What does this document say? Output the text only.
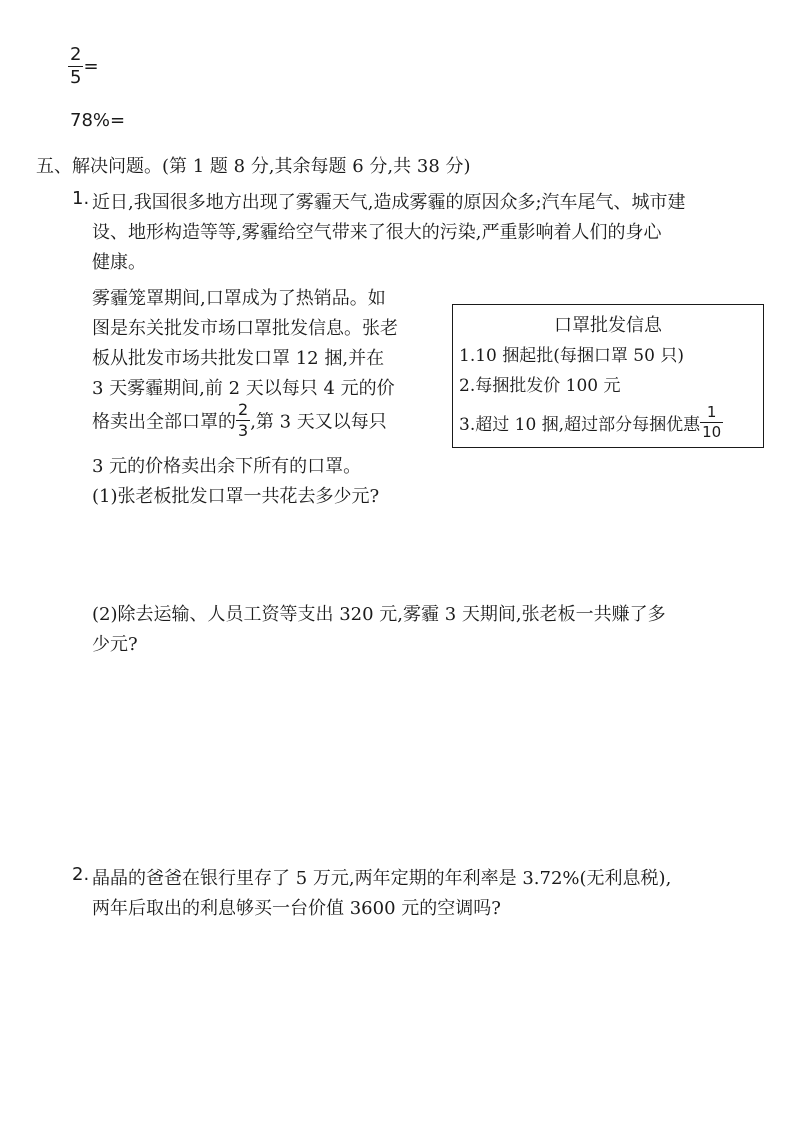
$\frac{2}{5}$ =
78%=
五、解决问题。(第 1 题 8 分,其余每题 6 分,共 38 分)
1. 近日,我国很多地方出现了雾霾天气,造成雾霾的原因众多;汽车尾气、城市建
设、地形构造等等,雾霾给空气带来了很大的污染,严重影响着人们的身心
健康。
雾霾笼罩期间,口罩成为了热销品。如
图是东关批发市场口罩批发信息。张老
板从批发市场共批发口罩 12 捆,并在
3 天雾霾期间,前 2 天以每只 4 元的价
格卖出全部口罩的 $\frac{2}{3}$ ,第 3 天又以每只
3 元的价格卖出余下所有的口罩。
(1)张老板批发口罩一共花去多少元?
口罩批发信息
1.10 捆起批(每捆口罩 50 只)
2.每捆批发价 100 元
3.超过 10 捆,超过部分每捆优惠 $\frac{1}{10}$
(2)除去运输、人员工资等支出 320 元,雾霾 3 天期间,张老板一共赚了多
少元?
2. 晶晶的爸爸在银行里存了 5 万元,两年定期的年利率是 3.72%(无利息税),
两年后取出的利息够买一台价值 3600 元的空调吗?
